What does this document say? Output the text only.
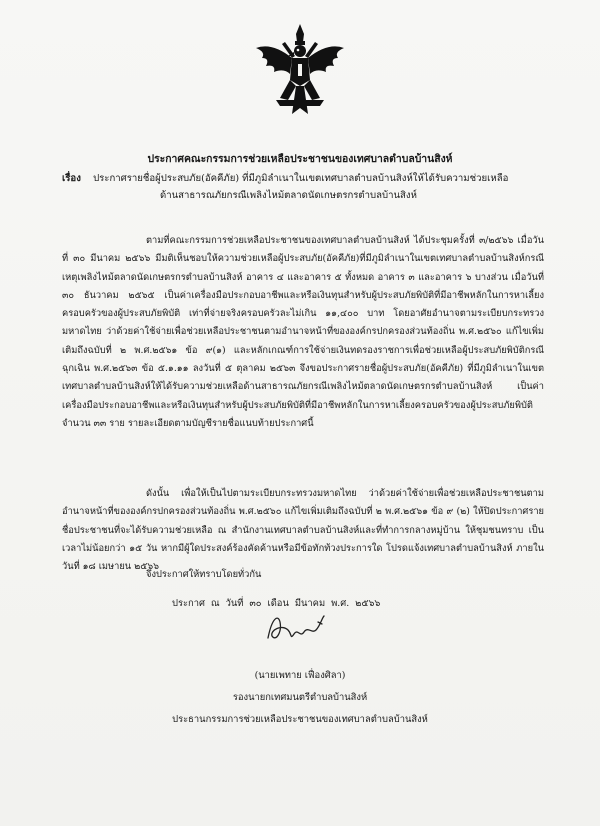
ประกาศคณะกรรมการช่วยเหลือประชาชนของเทศบาลตำบลบ้านสิงห์
เรื่อง ประกาศรายชื่อผู้ประสบภัย(อัคคีภัย) ที่มีภูมิลำเนาในเขตเทศบาลตำบลบ้านสิงห์ให้ได้รับความช่วยเหลือ
ด้านสาธารณภัยกรณีเพลิงไหม้ตลาดนัดเกษตรกรตำบลบ้านสิงห์

ตามที่คณะกรรมการช่วยเหลือประชาชนของเทศบาลตำบลบ้านสิงห์ ได้ประชุมครั้งที่ ๓/๒๕๖๖ เมื่อวันที่ ๓๐ มีนาคม ๒๕๖๖ มีมติเห็นชอบให้ความช่วยเหลือผู้ประสบภัย(อัคคีภัย)ที่มีภูมิลำเนาในเขตเทศบาลตำบลบ้านสิงห์กรณีเหตุเพลิงไหม้ตลาดนัดเกษตรกรตำบลบ้านสิงห์ อาคาร ๔ และอาคาร ๕ ทั้งหมด อาคาร ๓ และอาคาร ๖ บางส่วน เมื่อวันที่ ๓๐ ธันวาคม ๒๕๖๕ เป็นค่าเครื่องมือประกอบอาชีพและหรือเงินทุนสำหรับผู้ประสบภัยพิบัติที่มีอาชีพหลักในการหาเลี้ยงครอบครัวของผู้ประสบภัยพิบัติ เท่าที่จ่ายจริงครอบครัวละไม่เกิน ๑๑,๔๐๐ บาท โดยอาศัยอำนาจตามระเบียบกระทรวงมหาดไทย ว่าด้วยค่าใช้จ่ายเพื่อช่วยเหลือประชาชนตามอำนาจหน้าที่ขององค์กรปกครองส่วนท้องถิ่น พ.ศ.๒๕๖๐ แก้ไขเพิ่มเติมถึงฉบับที่ ๒ พ.ศ.๒๕๖๑ ข้อ ๙(๑) และหลักเกณฑ์การใช้จ่ายเงินทดรองราชการเพื่อช่วยเหลือผู้ประสบภัยพิบัติกรณีฉุกเฉิน พ.ศ.๒๕๖๓ ข้อ ๕.๑.๑๑ ลงวันที่ ๕ ตุลาคม ๒๕๖๓ จึงขอประกาศรายชื่อผู้ประสบภัย(อัคคีภัย) ที่มีภูมิลำเนาในเขตเทศบาลตำบลบ้านสิงห์ให้ได้รับความช่วยเหลือด้านสาธารณภัยกรณีเพลิงไหม้ตลาดนัดเกษตรกรตำบลบ้านสิงห์ เป็นค่าเครื่องมือประกอบอาชีพและหรือเงินทุนสำหรับผู้ประสบภัยพิบัติที่มีอาชีพหลักในการหาเลี้ยงครอบครัวของผู้ประสบภัยพิบัติ จำนวน ๓๓ ราย รายละเอียดตามบัญชีรายชื่อแนบท้ายประกาศนี้

ดังนั้น เพื่อให้เป็นไปตามระเบียบกระทรวงมหาดไทย ว่าด้วยค่าใช้จ่ายเพื่อช่วยเหลือประชาชนตามอำนาจหน้าที่ขององค์กรปกครองส่วนท้องถิ่น พ.ศ.๒๕๖๐ แก้ไขเพิ่มเติมถึงฉบับที่ ๒ พ.ศ.๒๕๖๑ ข้อ ๙ (๒) ให้ปิดประกาศรายชื่อประชาชนที่จะได้รับความช่วยเหลือ ณ สำนักงานเทศบาลตำบลบ้านสิงห์และที่ทำการกลางหมู่บ้าน ให้ชุมชนทราบ เป็นเวลาไม่น้อยกว่า ๑๕ วัน หากมีผู้ใดประสงค์ร้องคัดค้านหรือมีข้อทักท้วงประการใด โปรดแจ้งเทศบาลตำบลบ้านสิงห์ ภายในวันที่ ๑๘ เมษายน ๒๕๖๖

จึงประกาศให้ทราบโดยทั่วกัน

ประกาศ ณ วันที่ ๓๐ เดือน มีนาคม พ.ศ. ๒๕๖๖
(นายเพทาย เฟื่องศิลา)
รองนายกเทศมนตรีตำบลบ้านสิงห์
ประธานกรรมการช่วยเหลือประชาชนของเทศบาลตำบลบ้านสิงห์
